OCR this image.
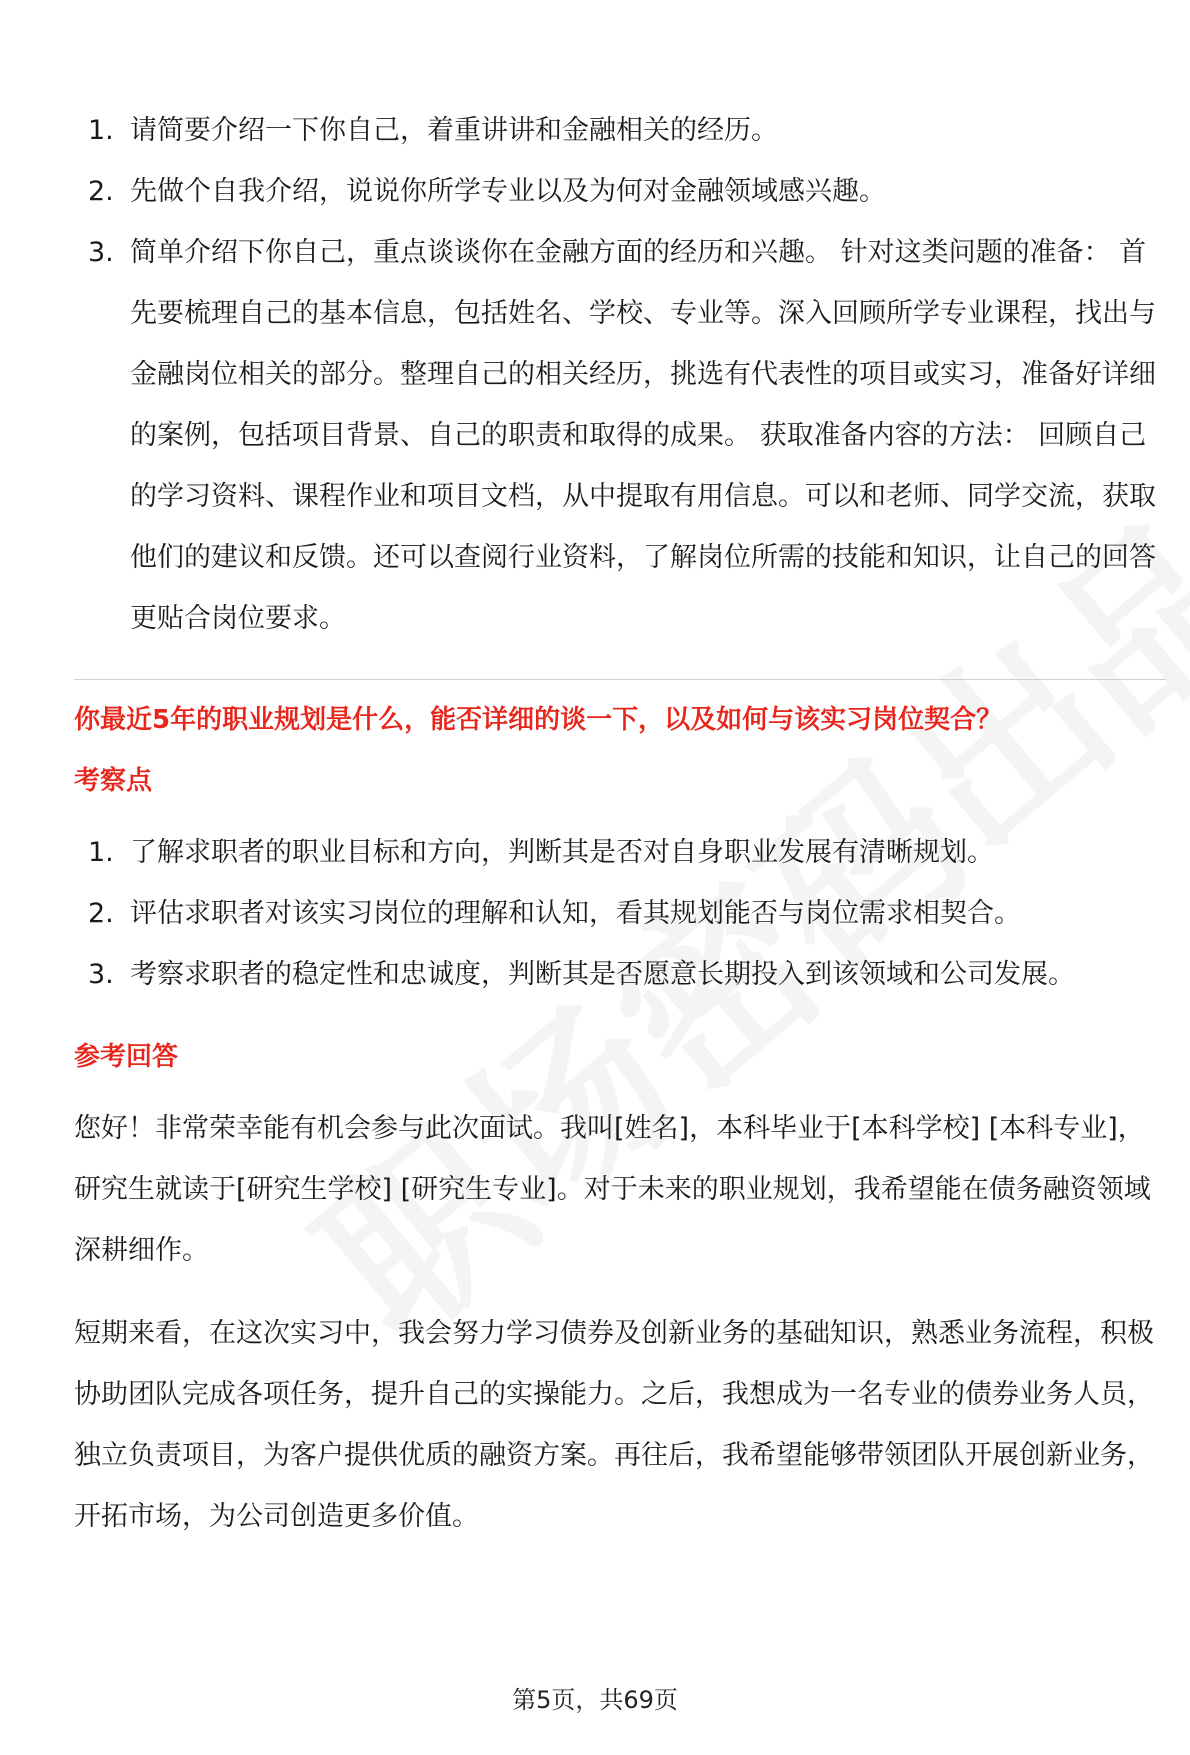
1. 请简要介绍一下你自己，着重讲讲和金融相关的经历。
2. 先做个自我介绍，说说你所学专业以及为何对金融领域感兴趣。
3. 简单介绍下你自己，重点谈谈你在金融方面的经历和兴趣。 针对这类问题的准备： 首先要梳理自己的基本信息，包括姓名、学校、专业等。深入回顾所学专业课程，找出与金融岗位相关的部分。整理自己的相关经历，挑选有代表性的项目或实习，准备好详细的案例，包括项目背景、自己的职责和取得的成果。 获取准备内容的方法： 回顾自己的学习资料、课程作业和项目文档，从中提取有用信息。可以和老师、同学交流，获取他们的建议和反馈。还可以查阅行业资料，了解岗位所需的技能和知识，让自己的回答更贴合岗位要求。
你最近5年的职业规划是什么，能否详细的谈一下，以及如何与该实习岗位契合？
考察点
1. 了解求职者的职业目标和方向，判断其是否对自身职业发展有清晰规划。
2. 评估求职者对该实习岗位的理解和认知，看其规划能否与岗位需求相契合。
3. 考察求职者的稳定性和忠诚度，判断其是否愿意长期投入到该领域和公司发展。
参考回答

您好！非常荣幸能有机会参与此次面试。我叫[姓名]，本科毕业于[本科学校] [本科专业]，研究生就读于[研究生学校] [研究生专业]。对于未来的职业规划，我希望能在债务融资领域深耕细作。

短期来看，在这次实习中，我会努力学习债券及创新业务的基础知识，熟悉业务流程，积极协助团队完成各项任务，提升自己的实操能力。之后，我想成为一名专业的债券业务人员，独立负责项目，为客户提供优质的融资方案。再往后，我希望能够带领团队开展创新业务，开拓市场，为公司创造更多价值。

第5页，共69页
